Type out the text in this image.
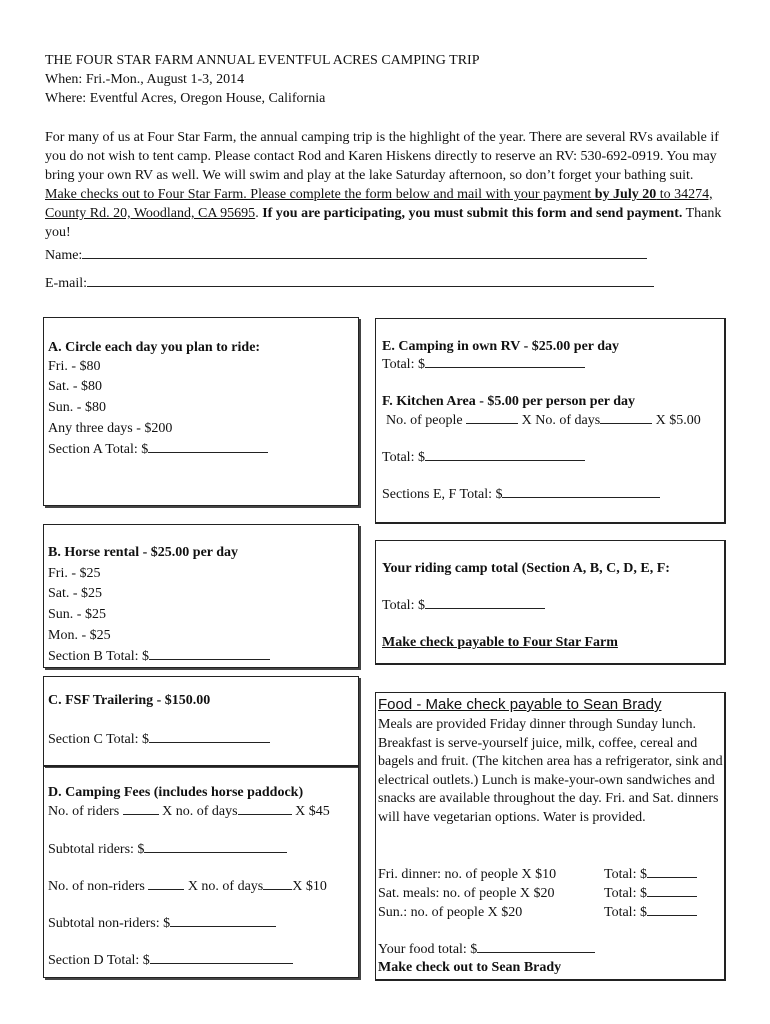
THE FOUR STAR FARM ANNUAL EVENTFUL ACRES CAMPING TRIP
When: Fri.-Mon., August 1-3, 2014
Where: Eventful Acres, Oregon House, California
For many of us at Four Star Farm, the annual camping trip is the highlight of the year. There are several RVs available if you do not wish to tent camp. Please contact Rod and Karen Hiskens directly to reserve an RV: 530-692-0919. You may bring your own RV as well. We will swim and play at the lake Saturday afternoon, so don’t forget your bathing suit. Make checks out to Four Star Farm. Please complete the form below and mail with your payment by July 20 to 34274, County Rd. 20, Woodland, CA 95695. If you are participating, you must submit this form and send payment. Thank you!
Name:
E-mail:
A. Circle each day you plan to ride:
Fri. - $80
Sat. - $80
Sun. - $80
Any three days - $200
Section A Total: $
B. Horse rental - $25.00 per day
Fri. - $25
Sat. - $25
Sun. - $25
Mon. - $25
Section B Total: $
C. FSF Trailering - $150.00
Section C Total: $
D. Camping Fees (includes horse paddock)
No. of riders	X no. of days	X $45
Subtotal riders: $
No. of non-riders	X no. of days X $10
Subtotal non-riders: $
Section D Total: $
E. Camping in own RV - $25.00 per day
Total: $
F. Kitchen Area - $5.00 per person per day
No. of people	X No. of days	X $5.00
Total: $
Sections E, F Total: $
Your riding camp total (Section A, B, C, D, E, F:
Total: $
Make check payable to Four Star Farm
Food - Make check payable to Sean Brady
Meals are provided Friday dinner through Sunday lunch. Breakfast is serve-yourself juice, milk, coffee, cereal and bagels and fruit. (The kitchen area has a refrigerator, sink and electrical outlets.) Lunch is make-your-own sandwiches and snacks are available throughout the day. Fri. and Sat. dinners will have vegetarian options. Water is provided.
Fri. dinner: no. of people X $10	Total: $
Sat. meals: no. of people X $20	Total: $
Sun.: no. of people X $20	Total: $
Your food total: $
Make check out to Sean Brady
